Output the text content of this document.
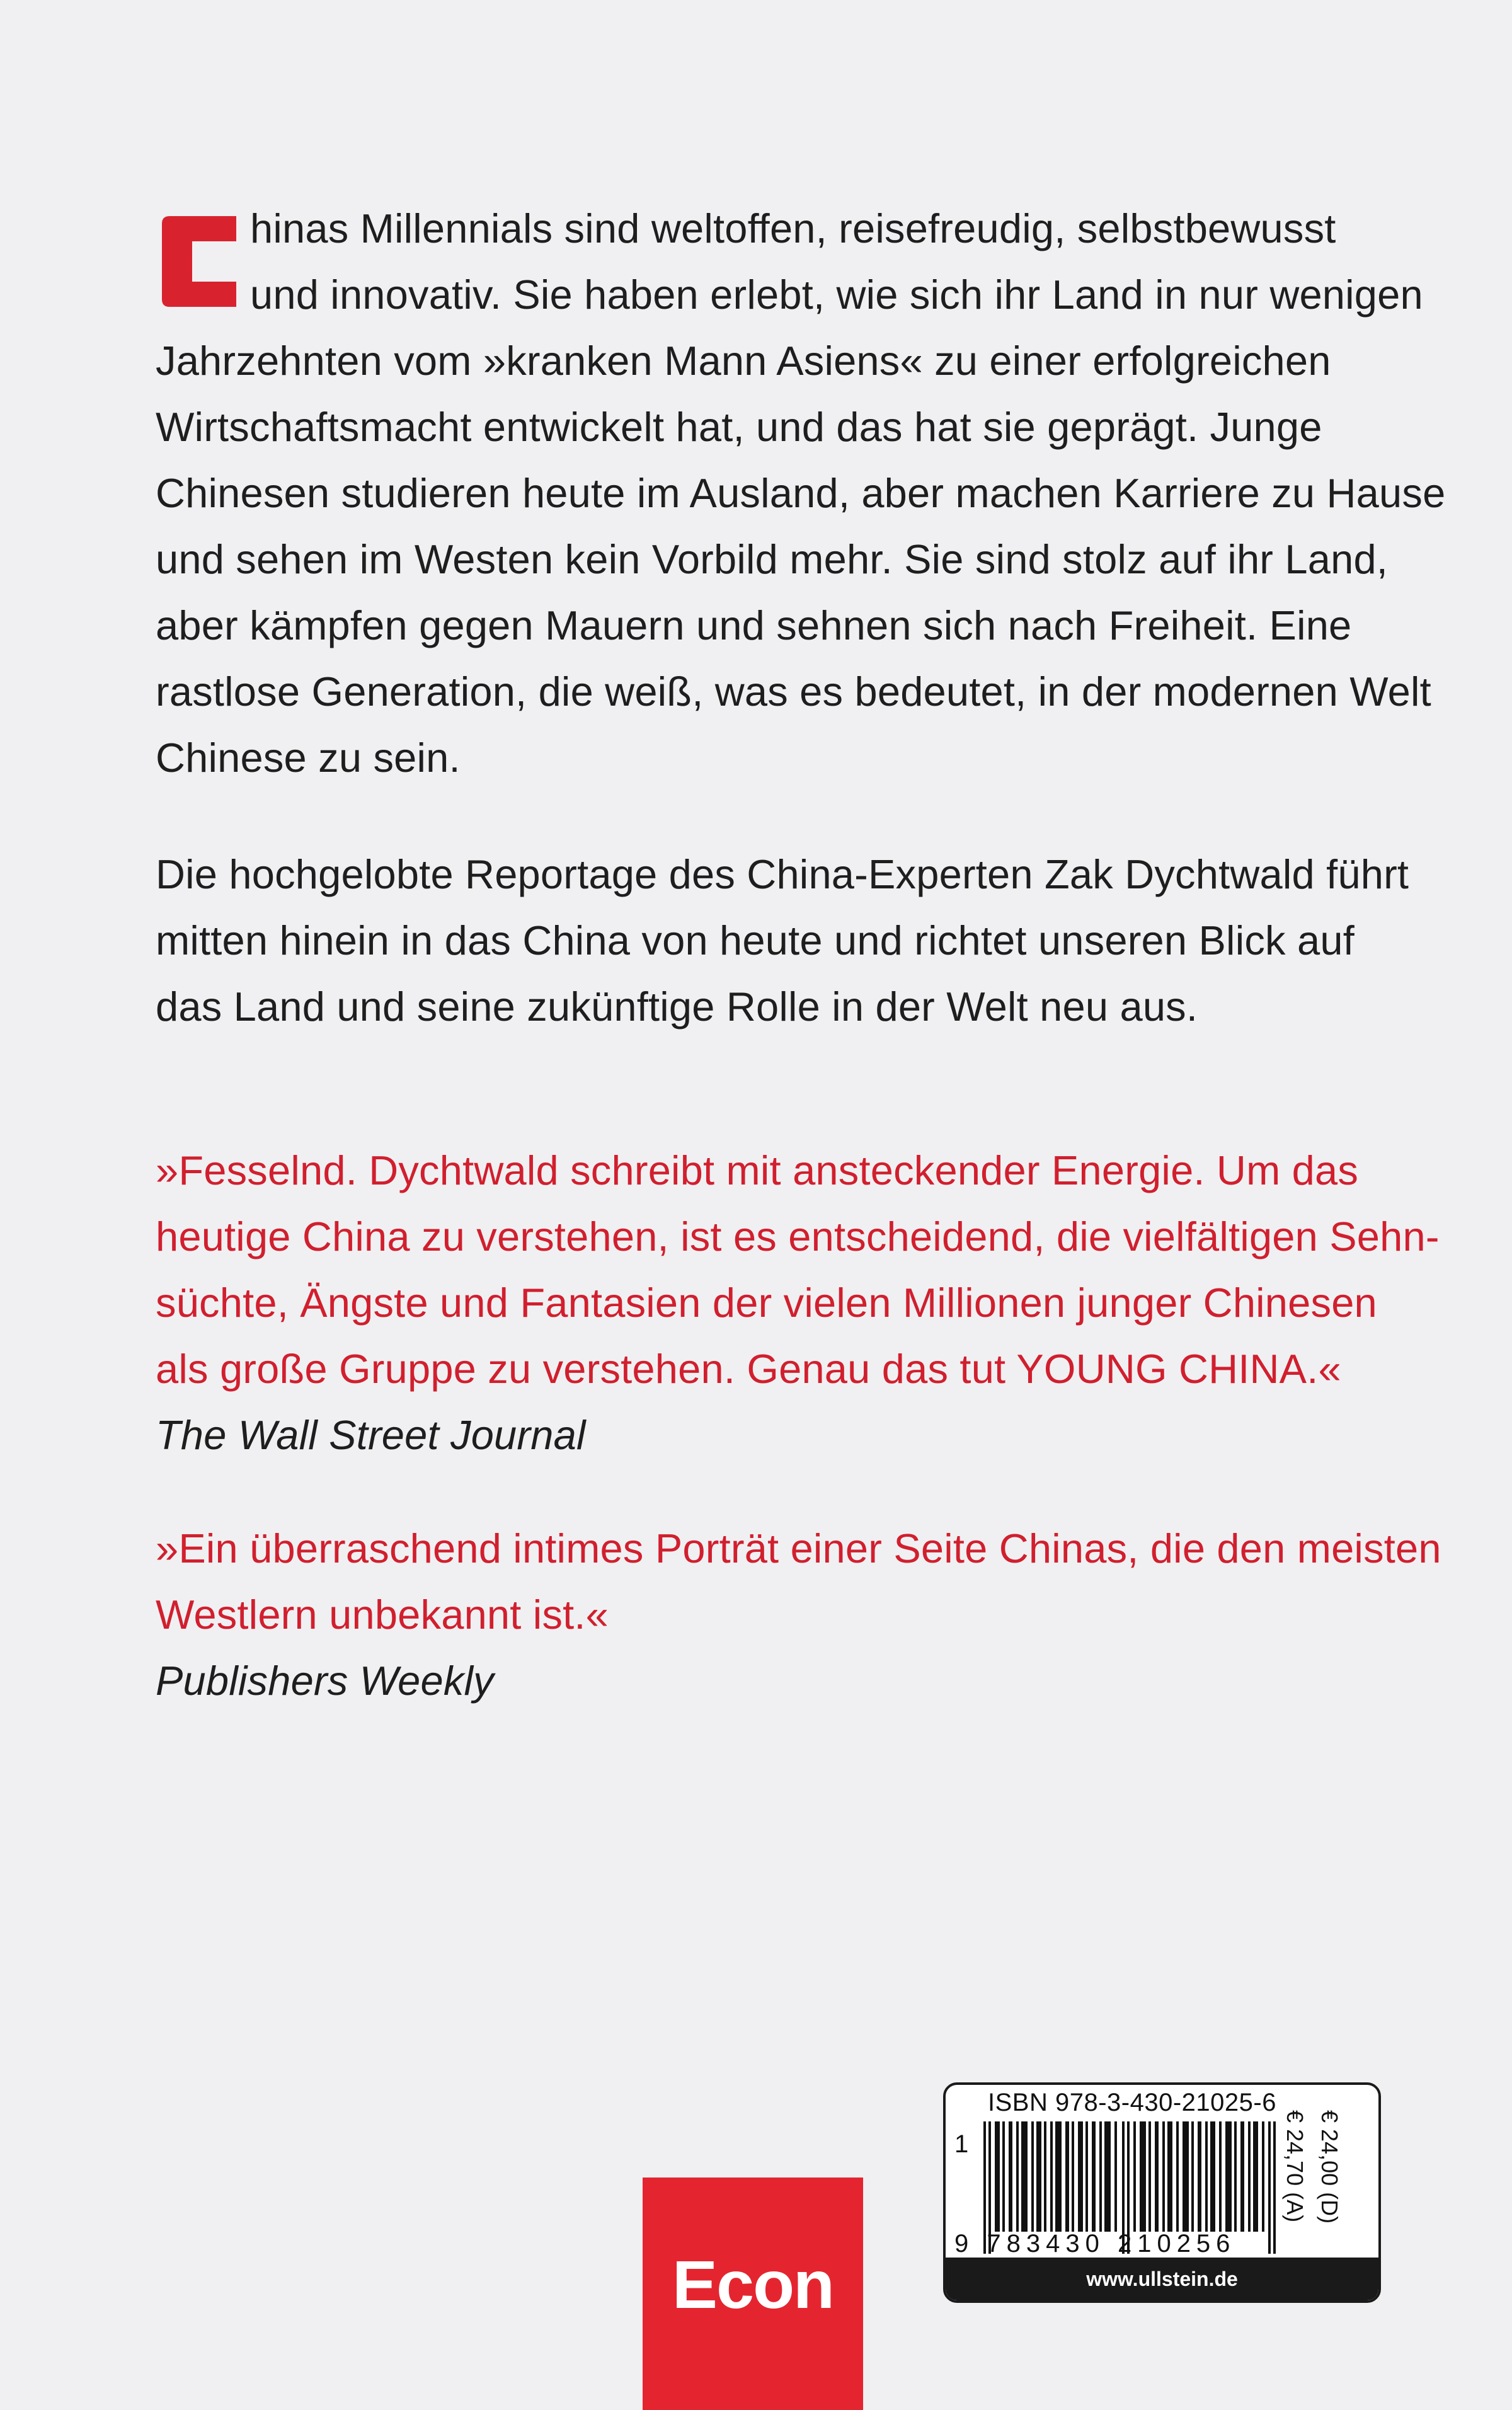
hinas Millennials sind weltoffen, reisefreudig, selbstbewusst
und innovativ. Sie haben erlebt, wie sich ihr Land in nur wenigen
Jahrzehnten vom »kranken Mann Asiens« zu einer erfolgreichen
Wirtschaftsmacht entwickelt hat, und das hat sie geprägt. Junge
Chinesen studieren heute im Ausland, aber machen Karriere zu Hause
und sehen im Westen kein Vorbild mehr. Sie sind stolz auf ihr Land,
aber kämpfen gegen Mauern und sehnen sich nach Freiheit. Eine
rastlose Generation, die weiß, was es bedeutet, in der modernen Welt
Chinese zu sein.
Die hochgelobte Reportage des China-Experten Zak Dychtwald führt
mitten hinein in das China von heute und richtet unseren Blick auf
das Land und seine zukünftige Rolle in der Welt neu aus.
»Fesselnd. Dychtwald schreibt mit ansteckender Energie. Um das
heutige China zu verstehen, ist es entscheidend, die vielfältigen Sehn-
süchte, Ängste und Fantasien der vielen Millionen junger Chinesen
als große Gruppe zu verstehen. Genau das tut YOUNG CHINA.«
The Wall Street Journal
»Ein überraschend intimes Porträt einer Seite Chinas, die den meisten
Westlern unbekannt ist.«
Publishers Weekly
Econ
ISBN 978-3-430-21025-6
1
9 783430 210256
€ 24,00 (D)
€ 24,70 (A)
www.ullstein.de
